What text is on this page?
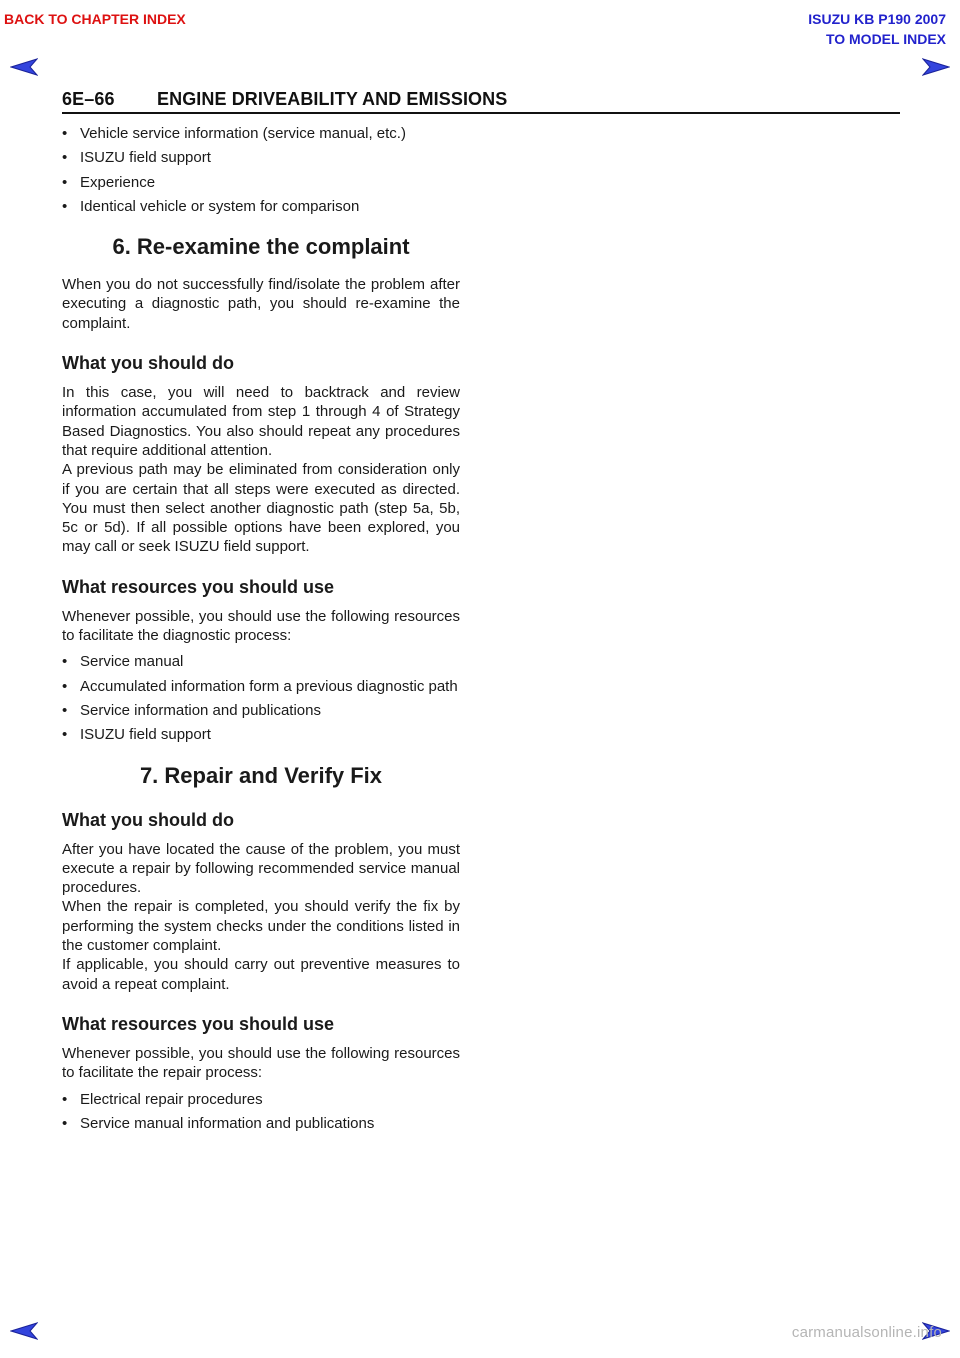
BACK TO CHAPTER INDEX	ISUZU KB P190 2007
TO MODEL INDEX
6E–66 ENGINE DRIVEABILITY AND EMISSIONS
• Vehicle service information (service manual, etc.)
• ISUZU field support
• Experience
• Identical vehicle or system for comparison
6. Re-examine the complaint

When you do not successfully find/isolate the problem after executing a diagnostic path, you should re-examine the complaint.

What you should do

In this case, you will need to backtrack and review information accumulated from step 1 through 4 of Strategy Based Diagnostics. You also should repeat any procedures that require additional attention.

A previous path may be eliminated from consideration only if you are certain that all steps were executed as directed. You must then select another diagnostic path (step 5a, 5b, 5c or 5d). If all possible options have been explored, you may call or seek ISUZU field support.

What resources you should use

Whenever possible, you should use the following resources to facilitate the diagnostic process:

• Service manual
• Accumulated information form a previous diagnostic path
• Service information and publications
• ISUZU field support
7. Repair and Verify Fix
What you should do

After you have located the cause of the problem, you must execute a repair by following recommended service manual procedures.

When the repair is completed, you should verify the fix by performing the system checks under the conditions listed in the customer complaint.

If applicable, you should carry out preventive measures to avoid a repeat complaint.

What resources you should use

Whenever possible, you should use the following resources to facilitate the repair process:

• Electrical repair procedures
• Service manual information and publications
carmanualsonline.info
